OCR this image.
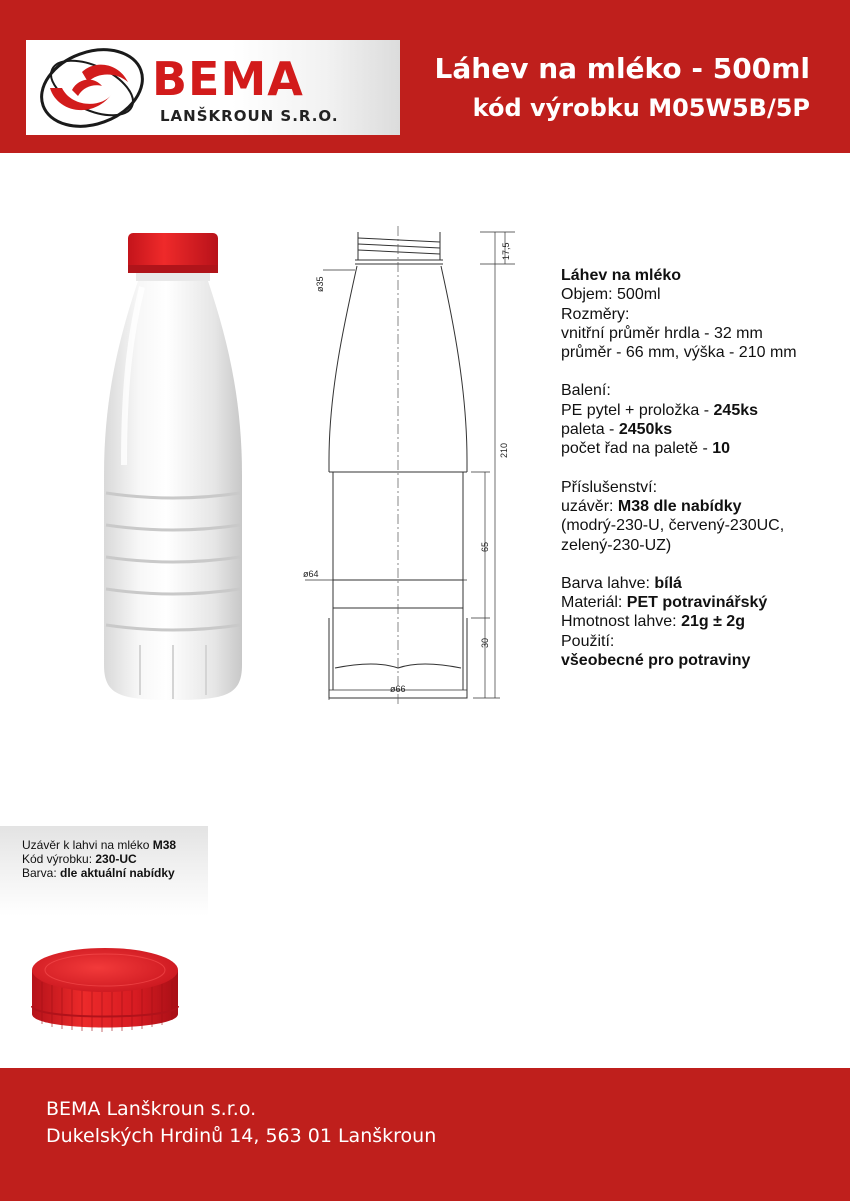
BEMA
LANŠKROUN S.R.O.
Láhev na mléko - 500ml
kód výrobku M05W5B/5P
ø35
17,5
210
65
ø64
30
ø66
Láhev na mléko
Objem: 500ml
Rozměry:
vnitřní průměr hrdla - 32 mm
průměr - 66 mm, výška - 210 mm
Balení:
PE pytel + proložka - 245ks
paleta - 2450ks
počet řad na paletě - 10
Příslušenství:
uzávěr: M38 dle nabídky
(modrý-230-U, červený-230UC,
zelený-230-UZ)
Barva lahve: bílá
Materiál: PET potravinářský
Hmotnost lahve: 21g ± 2g
Použití:
všeobecné pro potraviny
Uzávěr k lahvi na mléko M38
Kód výrobku: 230-UC
Barva: dle aktuální nabídky
BEMA Lanškroun s.r.o.
Dukelských Hrdinů 14, 563 01 Lanškroun
